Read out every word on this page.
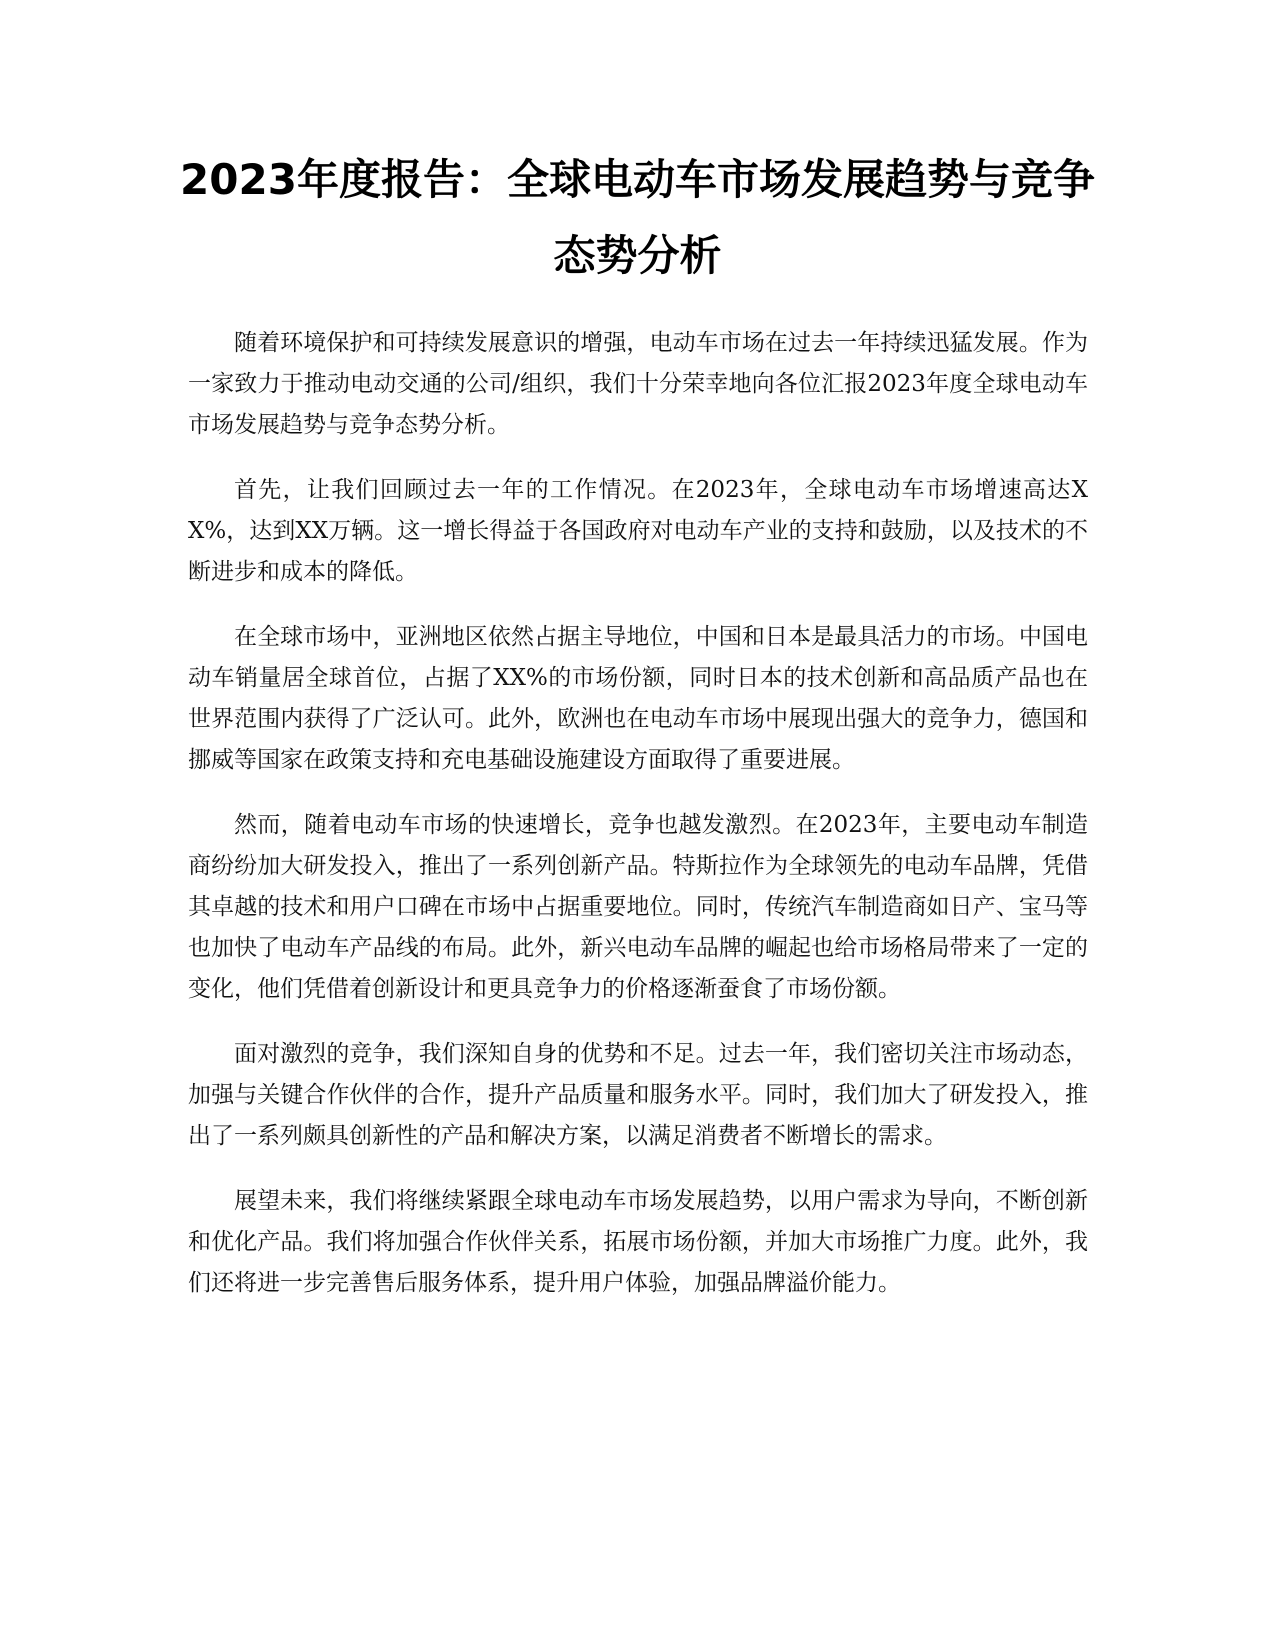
2023年度报告：全球电动车市场发展趋势与竞争态势分析

随着环境保护和可持续发展意识的增强，电动车市场在过去一年持续迅猛发展。作为一家致力于推动电动交通的公司/组织，我们十分荣幸地向各位汇报2023年度全球电动车市场发展趋势与竞争态势分析。

首先，让我们回顾过去一年的工作情况。在2023年，全球电动车市场增速高达XX%，达到XX万辆。这一增长得益于各国政府对电动车产业的支持和鼓励，以及技术的不断进步和成本的降低。

在全球市场中，亚洲地区依然占据主导地位，中国和日本是最具活力的市场。中国电动车销量居全球首位，占据了XX%的市场份额，同时日本的技术创新和高品质产品也在世界范围内获得了广泛认可。此外，欧洲也在电动车市场中展现出强大的竞争力，德国和挪威等国家在政策支持和充电基础设施建设方面取得了重要进展。

然而，随着电动车市场的快速增长，竞争也越发激烈。在2023年，主要电动车制造商纷纷加大研发投入，推出了一系列创新产品。特斯拉作为全球领先的电动车品牌，凭借其卓越的技术和用户口碑在市场中占据重要地位。同时，传统汽车制造商如日产、宝马等也加快了电动车产品线的布局。此外，新兴电动车品牌的崛起也给市场格局带来了一定的变化，他们凭借着创新设计和更具竞争力的价格逐渐蚕食了市场份额。

面对激烈的竞争，我们深知自身的优势和不足。过去一年，我们密切关注市场动态，加强与关键合作伙伴的合作，提升产品质量和服务水平。同时，我们加大了研发投入，推出了一系列颇具创新性的产品和解决方案，以满足消费者不断增长的需求。

展望未来，我们将继续紧跟全球电动车市场发展趋势，以用户需求为导向，不断创新和优化产品。我们将加强合作伙伴关系，拓展市场份额，并加大市场推广力度。此外，我们还将进一步完善售后服务体系，提升用户体验，加强品牌溢价能力。
